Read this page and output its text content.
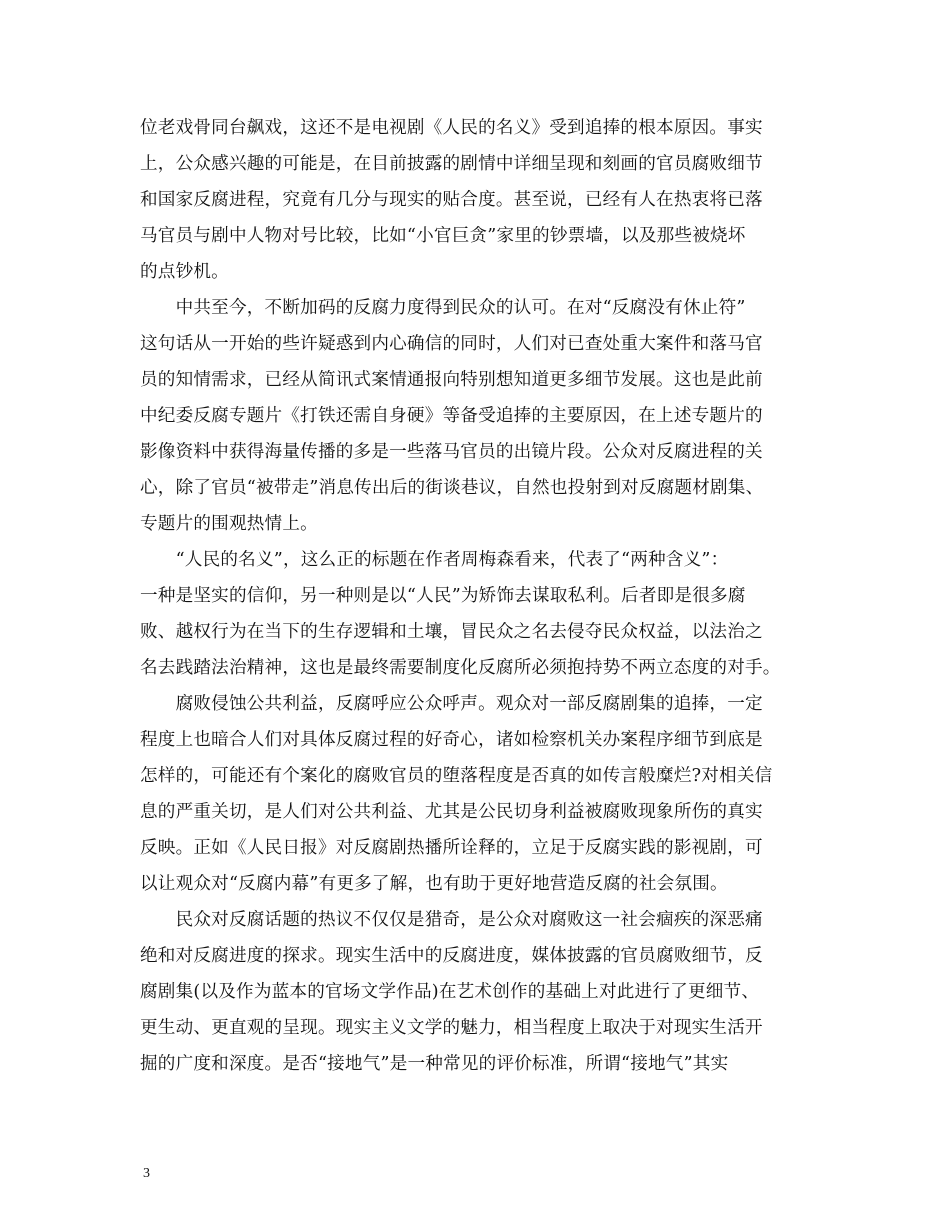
位老戏骨同台飙戏，这还不是电视剧《人民的名义》受到追捧的根本原因。事实
上，公众感兴趣的可能是，在目前披露的剧情中详细呈现和刻画的官员腐败细节
和国家反腐进程，究竟有几分与现实的贴合度。甚至说，已经有人在热衷将已落
马官员与剧中人物对号比较，比如“小官巨贪”家里的钞票墙，以及那些被烧坏
的点钞机。
　　中共至今，不断加码的反腐力度得到民众的认可。在对“反腐没有休止符”
这句话从一开始的些许疑惑到内心确信的同时，人们对已查处重大案件和落马官
员的知情需求，已经从简讯式案情通报向特别想知道更多细节发展。这也是此前
中纪委反腐专题片《打铁还需自身硬》等备受追捧的主要原因，在上述专题片的
影像资料中获得海量传播的多是一些落马官员的出镜片段。公众对反腐进程的关
心，除了官员“被带走”消息传出后的街谈巷议，自然也投射到对反腐题材剧集、
专题片的围观热情上。
　　“人民的名义”，这么正的标题在作者周梅森看来，代表了“两种含义”：
一种是坚实的信仰，另一种则是以“人民”为矫饰去谋取私利。后者即是很多腐
败、越权行为在当下的生存逻辑和土壤，冒民众之名去侵夺民众权益，以法治之
名去践踏法治精神，这也是最终需要制度化反腐所必须抱持势不两立态度的对手。
　　腐败侵蚀公共利益，反腐呼应公众呼声。观众对一部反腐剧集的追捧，一定
程度上也暗合人们对具体反腐过程的好奇心，诸如检察机关办案程序细节到底是
怎样的，可能还有个案化的腐败官员的堕落程度是否真的如传言般糜烂?对相关信
息的严重关切，是人们对公共利益、尤其是公民切身利益被腐败现象所伤的真实
反映。正如《人民日报》对反腐剧热播所诠释的，立足于反腐实践的影视剧，可
以让观众对“反腐内幕”有更多了解，也有助于更好地营造反腐的社会氛围。
　　民众对反腐话题的热议不仅仅是猎奇，是公众对腐败这一社会痼疾的深恶痛
绝和对反腐进度的探求。现实生活中的反腐进度，媒体披露的官员腐败细节，反
腐剧集(以及作为蓝本的官场文学作品)在艺术创作的基础上对此进行了更细节、
更生动、更直观的呈现。现实主义文学的魅力，相当程度上取决于对现实生活开
掘的广度和深度。是否“接地气”是一种常见的评价标准，所谓“接地气”其实
3
